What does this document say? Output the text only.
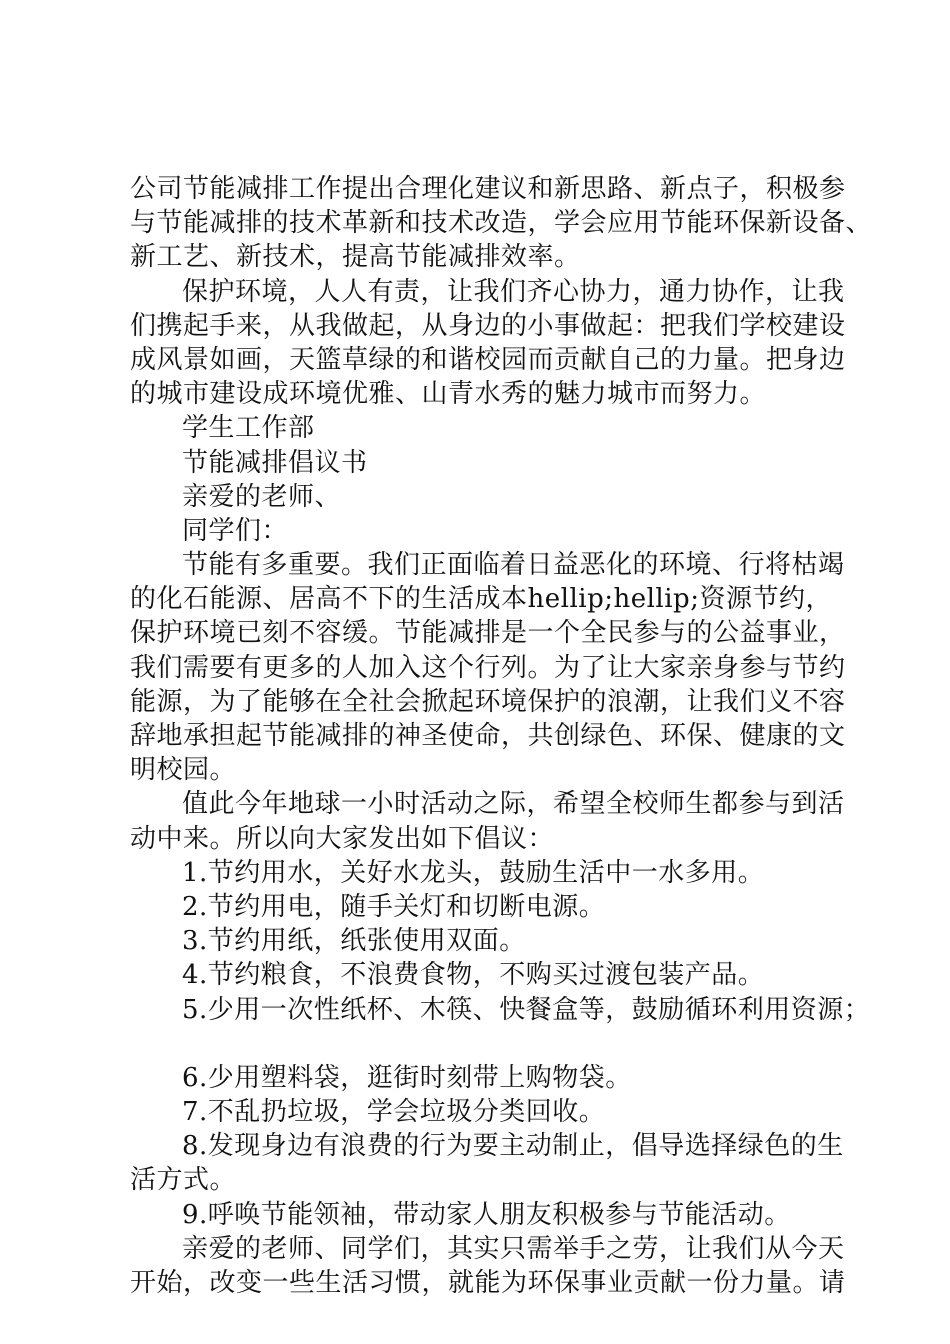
公司节能减排工作提出合理化建议和新思路、新点子，积极参
与节能减排的技术革新和技术改造，学会应用节能环保新设备、
新工艺、新技术，提高节能减排效率。
保护环境，人人有责，让我们齐心协力，通力协作，让我
们携起手来，从我做起，从身边的小事做起：把我们学校建设
成风景如画，天篮草绿的和谐校园而贡献自己的力量。把身边
的城市建设成环境优雅、山青水秀的魅力城市而努力。
学生工作部
节能减排倡议书
亲爱的老师、
同学们：
节能有多重要。我们正面临着日益恶化的环境、行将枯竭
的化石能源、居高不下的生活成本hellip;hellip;资源节约，
保护环境已刻不容缓。节能减排是一个全民参与的公益事业，
我们需要有更多的人加入这个行列。为了让大家亲身参与节约
能源，为了能够在全社会掀起环境保护的浪潮，让我们义不容
辞地承担起节能减排的神圣使命，共创绿色、环保、健康的文
明校园。
值此今年地球一小时活动之际，希望全校师生都参与到活
动中来。所以向大家发出如下倡议：
1.节约用水，关好水龙头，鼓励生活中一水多用。
2.节约用电，随手关灯和切断电源。
3.节约用纸，纸张使用双面。
4.节约粮食，不浪费食物，不购买过渡包装产品。
5.少用一次性纸杯、木筷、快餐盒等，鼓励循环利用资源；
6.少用塑料袋，逛街时刻带上购物袋。
7.不乱扔垃圾，学会垃圾分类回收。
8.发现身边有浪费的行为要主动制止，倡导选择绿色的生
活方式。
9.呼唤节能领袖，带动家人朋友积极参与节能活动。
亲爱的老师、同学们，其实只需举手之劳，让我们从今天
开始，改变一些生活习惯，就能为环保事业贡献一份力量。请
